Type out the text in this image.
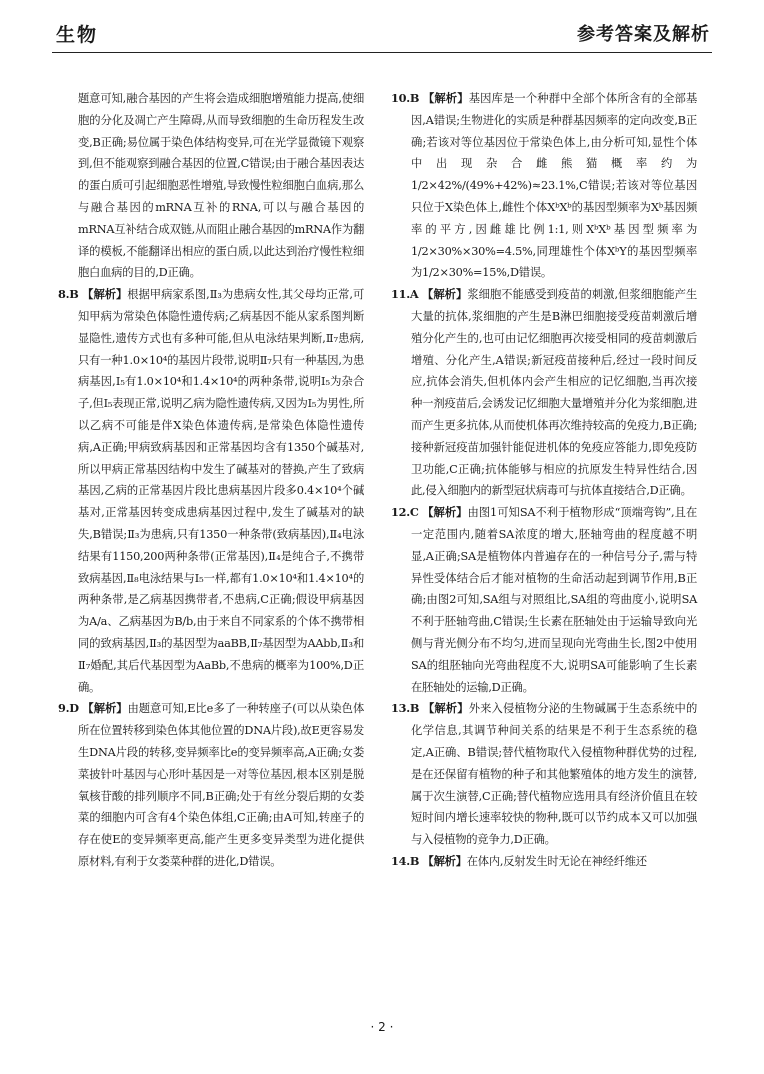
生物	参考答案及解析

题意可知,融合基因的产生将会造成细胞增殖能力提高,使细胞的分化及凋亡产生障碍,从而导致细胞的生命历程发生改变,B正确;易位属于染色体结构变异,可在光学显微镜下观察到,但不能观察到融合基因的位置,C错误;由于融合基因表达的蛋白质可引起细胞恶性增殖,导致慢性粒细胞白血病,那么与融合基因的mRNA互补的RNA,可以与融合基因的mRNA互补结合成双链,从而阻止融合基因的mRNA作为翻译的模板,不能翻译出相应的蛋白质,以此达到治疗慢性粒细胞白血病的目的,D正确。

8.B 【解析】根据甲病家系图,Ⅱ₃为患病女性,其父母均正常,可知甲病为常染色体隐性遗传病;乙病基因不能从家系图判断显隐性,遗传方式也有多种可能,但从电泳结果判断,Ⅱ₇患病,只有一种1.0×10⁴的基因片段带,说明Ⅱ₇只有一种基因,为患病基因,Ⅰ₅有1.0×10⁴和1.4×10⁴的两种条带,说明Ⅰ₅为杂合子,但Ⅰ₅表现正常,说明乙病为隐性遗传病,又因为Ⅰ₅为男性,所以乙病不可能是伴X染色体遗传病,是常染色体隐性遗传病,A正确;甲病致病基因和正常基因均含有1350个碱基对,所以甲病正常基因结构中发生了碱基对的替换,产生了致病基因,乙病的正常基因片段比患病基因片段多0.4×10⁴个碱基对,正常基因转变成患病基因过程中,发生了碱基对的缺失,B错误;Ⅱ₃为患病,只有1350一种条带(致病基因),Ⅱ₄电泳结果有1150,200两种条带(正常基因),Ⅱ₄是纯合子,不携带致病基因,Ⅱ₈电泳结果与Ⅰ₅一样,都有1.0×10⁴和1.4×10⁴的两种条带,是乙病基因携带者,不患病,C正确;假设甲病基因为A/a、乙病基因为B/b,由于来自不同家系的个体不携带相同的致病基因,Ⅱ₃的基因型为aaBB,Ⅱ₇基因型为AAbb,Ⅱ₃和Ⅱ₇婚配,其后代基因型为AaBb,不患病的概率为100%,D正确。

9.D 【解析】由题意可知,E比e多了一种转座子(可以从染色体所在位置转移到染色体其他位置的DNA片段),故E更容易发生DNA片段的转移,变异频率比e的变异频率高,A正确;女娄菜披针叶基因与心形叶基因是一对等位基因,根本区别是脱氧核苷酸的排列顺序不同,B正确;处于有丝分裂后期的女娄菜的细胞内可含有4个染色体组,C正确;由A可知,转座子的存在使E的变异频率更高,能产生更多变异类型为进化提供原材料,有利于女娄菜种群的进化,D错误。

10.B 【解析】基因库是一个种群中全部个体所含有的全部基因,A错误;生物进化的实质是种群基因频率的定向改变,B正确;若该对等位基因位于常染色体上,由分析可知,显性个体中出现杂合雌熊猫概率约为1/2×42%/(49%+42%)≈23.1%,C错误;若该对等位基因只位于X染色体上,雌性个体XᵇXᵇ的基因型频率为Xᵇ基因频率的平方,因雌雄比例1:1,则XᵇXᵇ基因型频率为1/2×30%×30%=4.5%,同理雄性个体XᵇY的基因型频率为1/2×30%=15%,D错误。

11.A 【解析】浆细胞不能感受到疫苗的刺激,但浆细胞能产生大量的抗体,浆细胞的产生是B淋巴细胞接受疫苗刺激后增殖分化产生的,也可由记忆细胞再次接受相同的疫苗刺激后增殖、分化产生,A错误;新冠疫苗接种后,经过一段时间反应,抗体会消失,但机体内会产生相应的记忆细胞,当再次接种一剂疫苗后,会诱发记忆细胞大量增殖并分化为浆细胞,进而产生更多抗体,从而使机体再次维持较高的免疫力,B正确;接种新冠疫苗加强针能促进机体的免疫应答能力,即免疫防卫功能,C正确;抗体能够与相应的抗原发生特异性结合,因此,侵入细胞内的新型冠状病毒可与抗体直接结合,D正确。

12.C 【解析】由图1可知SA不利于植物形成“顶端弯钩”,且在一定范围内,随着SA浓度的增大,胚轴弯曲的程度越不明显,A正确;SA是植物体内普遍存在的一种信号分子,需与特异性受体结合后才能对植物的生命活动起到调节作用,B正确;由图2可知,SA组与对照组比,SA组的弯曲度小,说明SA不利于胚轴弯曲,C错误;生长素在胚轴处由于运输导致向光侧与背光侧分布不均匀,进而呈现向光弯曲生长,图2中使用SA的组胚轴向光弯曲程度不大,说明SA可能影响了生长素在胚轴处的运输,D正确。

13.B 【解析】外来入侵植物分泌的生物碱属于生态系统中的化学信息,其调节种间关系的结果是不利于生态系统的稳定,A正确、B错误;替代植物取代入侵植物种群优势的过程,是在还保留有植物的种子和其他繁殖体的地方发生的演替,属于次生演替,C正确;替代植物应选用具有经济价值且在较短时间内增长速率较快的物种,既可以节约成本又可以加强与入侵植物的竞争力,D正确。

14.B 【解析】在体内,反射发生时无论在神经纤维还

· 2 ·
